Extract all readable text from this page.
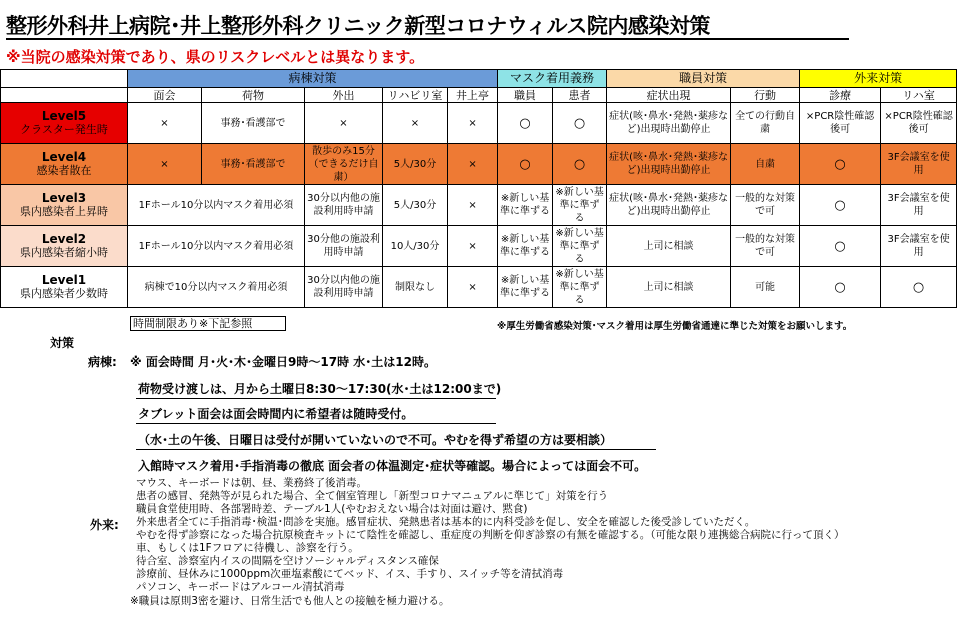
整形外科井上病院･井上整形外科クリニック新型コロナウィルス院内感染対策
※当院の感染対策であり、県のリスクレベルとは異なります。
	病棟対策					マスク着用義務		職員対策		外来対策	
	面会	荷物	外出	リハビリ室	井上亭	職員	患者	症状出現	行動	診療	リハ室

Level5
クラスター発生時	×	事務･看護部で	×	×	×	○	○	症状(咳･鼻水･発熱･薬疹など)出現時出勤停止	全ての行動自粛	×PCR陰性確認後可	×PCR陰性確認後可

Level4
感染者散在	×	事務･看護部で	散歩のみ15分（できるだけ自粛）	5人/30分	×	○	○	症状(咳･鼻水･発熱･薬疹など)出現時出勤停止	自粛	○	3F会議室を使用

Level3
県内感染者上昇時	1Fホール10分以内マスク着用必須		30分以内他の施設利用時申請	5人/30分	×	※新しい基準に準ずる	※新しい基準に準ずる	症状(咳･鼻水･発熱･薬疹など)出現時出勤停止	一般的な対策で可	○	3F会議室を使用

Level2
県内感染者縮小時	1Fホール10分以内マスク着用必須		30分他の施設利用時申請	10人/30分	×	※新しい基準に準ずる	※新しい基準に準ずる	上司に相談	一般的な対策で可	○	3F会議室を使用

Level1
県内感染者少数時	病棟で10分以内マスク着用必須		30分以内他の施設利用時申請	制限なし	×	※新しい基準に準ずる	※新しい基準に準ずる	上司に相談	可能	○	○
時間制限あり※下記参照	※厚生労働省感染対策･マスク着用は厚生労働省通達に準じた対策をお願いします。
対策
病棟: ※ 面会時間 月･火･木･金曜日9時～17時 水･土は12時。
荷物受け渡しは、月から土曜日8:30～17:30(水･土は12:00まで)
タブレット面会は面会時間内に希望者は随時受付。
（水･土の午後、日曜日は受付が開いていないので不可。やむを得ず希望の方は要相談）
入館時マスク着用･手指消毒の徹底 面会者の体温測定･症状等確認。場合によっては面会不可。
マウス、キーボードは朝、昼、業務終了後消毒。
患者の感冒、発熱等が見られた場合、全て個室管理し「新型コロナマニュアルに準じて」対策を行う
職員食堂使用時、各部署時差、テーブル1人(やむおえない場合は対面は避け、黙食)
外来: 外来患者全てに手指消毒･検温･問診を実施。感冒症状、発熱患者は基本的に内科受診を促し、安全を確認した後受診していただく。
やむを得ず診察になった場合抗原検査キットにて陰性を確認し、重症度の判断を仰ぎ診察の有無を確認する。（可能な限り連携総合病院に行って頂く）
車、もしくは1Fフロアに待機し、診察を行う。
待合室、診察室内イスの間隔を空けソーシャルディスタンス確保
診療前、昼休みに1000ppm次亜塩素酸にてベッド、イス、手すり、スイッチ等を清拭消毒
パソコン、キーボードはアルコール清拭消毒
※職員は原則3密を避け、日常生活でも他人との接触を極力避ける。
